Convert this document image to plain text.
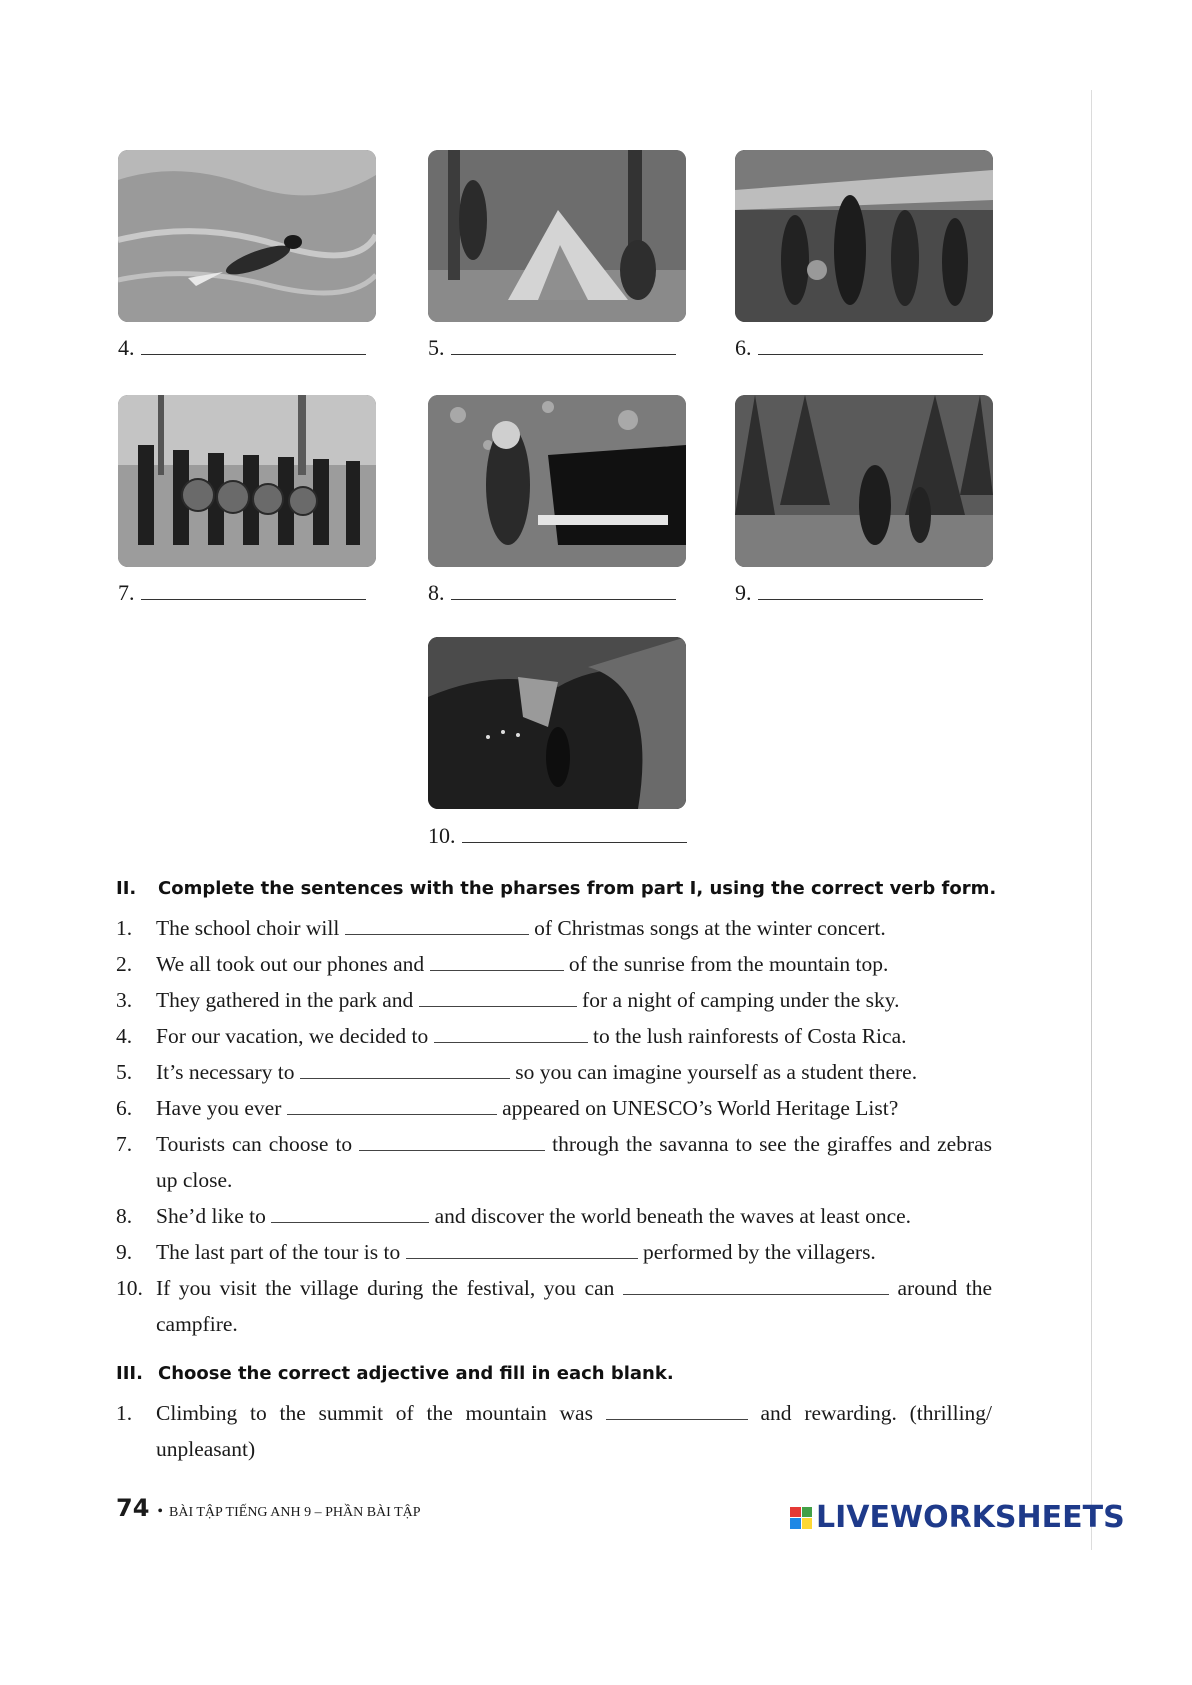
4.	5.	6.
7.	8.	9.
10.
II.	Complete the sentences with the pharses from part I, using the correct verb form.
1.	The school choir will	of Christmas songs at the winter concert.
2.	We all took out our phones and	of the sunrise from the mountain top.
3.	They gathered in the park and	for a night of camping under the sky.
4.	For our vacation, we decided to	to the lush rainforests of Costa Rica.
5.	It’s necessary to	so you can imagine yourself as a student there.
6.	Have you ever	appeared on UNESCO’s World Heritage List?
7.	Tourists can choose to	through the savanna to see the giraffes and zebras up close.
8.	She’d like to	and discover the world beneath the waves at least once.
9.	The last part of the tour is to	performed by the villagers.
10. If you visit the village during the festival, you can	around the campfire.
III. Choose the correct adjective and fill in each blank.
1.	Climbing to the summit of the mountain was	and rewarding. (thrilling/ unpleasant)
74 • BÀI TẬP TIẾNG ANH 9 – PHẦN BÀI TẬP	LIVEWORKSHEETS
